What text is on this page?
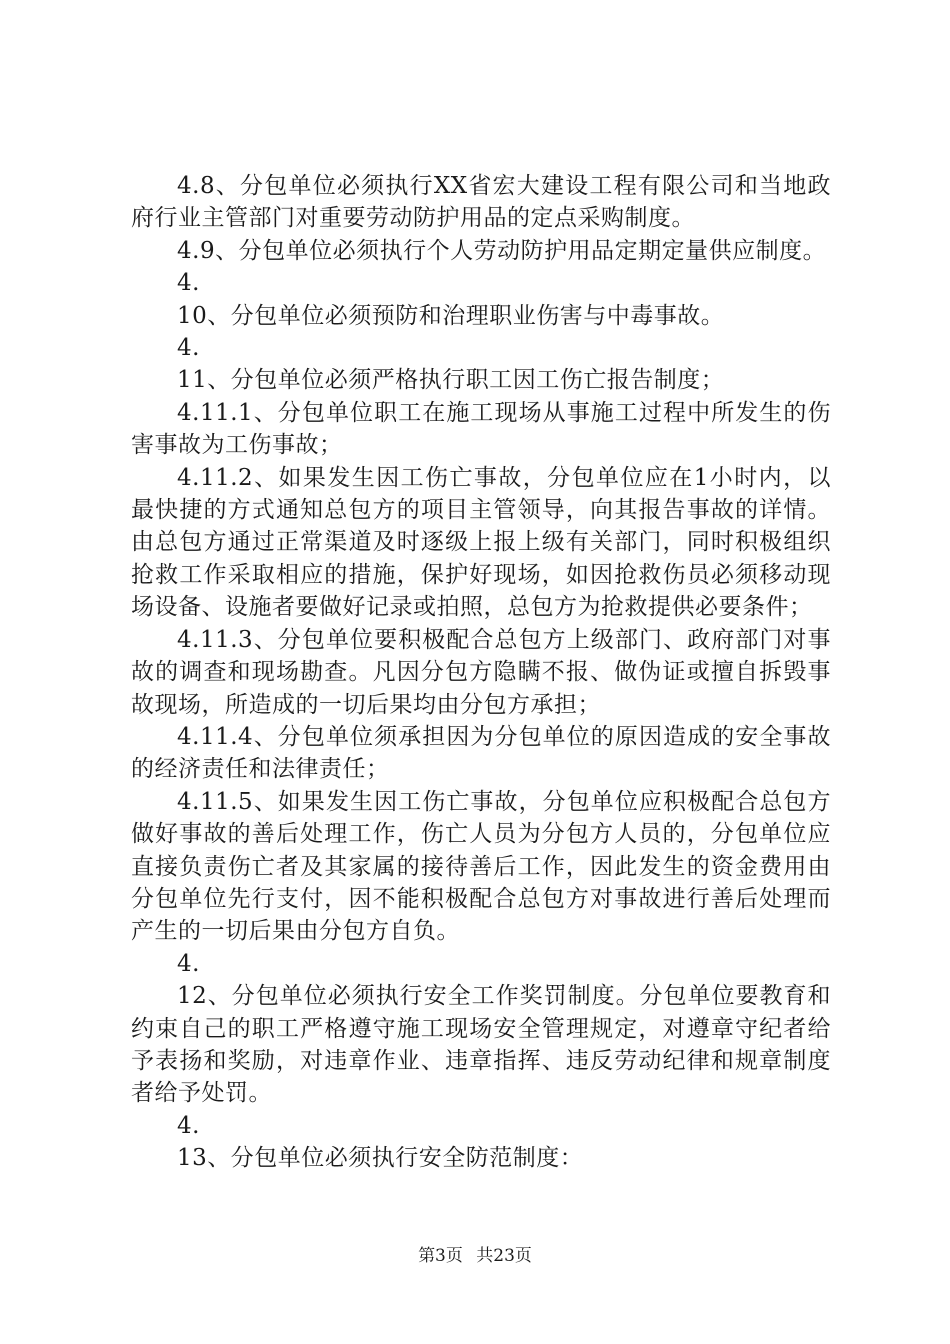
4.8、分包单位必须执行XX省宏大建设工程有限公司和当地政府行业主管部门对重要劳动防护用品的定点采购制度。

4.9、分包单位必须执行个人劳动防护用品定期定量供应制度。

4.

10、分包单位必须预防和治理职业伤害与中毒事故。

4.

11、分包单位必须严格执行职工因工伤亡报告制度；

4.11.1、分包单位职工在施工现场从事施工过程中所发生的伤害事故为工伤事故；

4.11.2、如果发生因工伤亡事故，分包单位应在1小时内，以最快捷的方式通知总包方的项目主管领导，向其报告事故的详情。由总包方通过正常渠道及时逐级上报上级有关部门，同时积极组织抢救工作采取相应的措施，保护好现场，如因抢救伤员必须移动现场设备、设施者要做好记录或拍照，总包方为抢救提供必要条件；

4.11.3、分包单位要积极配合总包方上级部门、政府部门对事故的调查和现场勘查。凡因分包方隐瞒不报、做伪证或擅自拆毁事故现场，所造成的一切后果均由分包方承担；

4.11.4、分包单位须承担因为分包单位的原因造成的安全事故的经济责任和法律责任；

4.11.5、如果发生因工伤亡事故，分包单位应积极配合总包方做好事故的善后处理工作，伤亡人员为分包方人员的，分包单位应直接负责伤亡者及其家属的接待善后工作，因此发生的资金费用由分包单位先行支付，因不能积极配合总包方对事故进行善后处理而产生的一切后果由分包方自负。

4.

12、分包单位必须执行安全工作奖罚制度。分包单位要教育和约束自己的职工严格遵守施工现场安全管理规定，对遵章守纪者给予表扬和奖励，对违章作业、违章指挥、违反劳动纪律和规章制度者给予处罚。

4.

13、分包单位必须执行安全防范制度：

第3页 共23页
